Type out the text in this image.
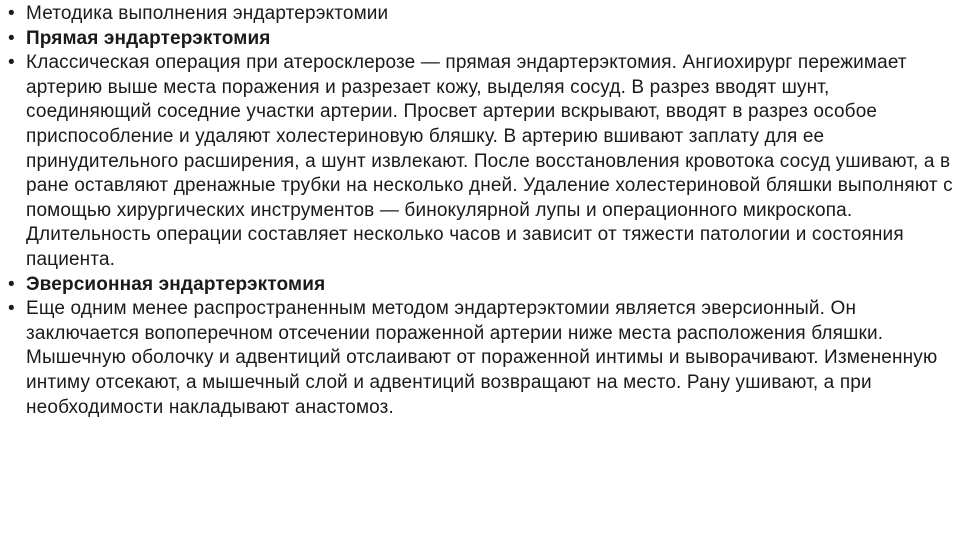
• Методика выполнения эндартерэктомии
• Прямая эндартерэктомия
• Классическая операция при атеросклерозе — прямая эндартерэктомия. Ангиохирург пережимает артерию выше места поражения и разрезает кожу, выделяя сосуд. В разрез вводят шунт, соединяющий соседние участки артерии. Просвет артерии вскрывают, вводят в разрез особое приспособление и удаляют холестериновую бляшку. В артерию вшивают заплату для ее принудительного расширения, а шунт извлекают. После восстановления кровотока сосуд ушивают, а в ране оставляют дренажные трубки на несколько дней. Удаление холестериновой бляшки выполняют с помощью хирургических инструментов — бинокулярной лупы и операционного микроскопа. Длительность операции составляет несколько часов и зависит от тяжести патологии и состояния пациента.
• Эверсионная эндартерэктомия
• Еще одним менее распространенным методом эндартерэктомии является эверсионный. Он заключается вопоперечном отсечении пораженной артерии ниже места расположения бляшки. Мышечную оболочку и адвентиций отслаивают от пораженной интимы и выворачивают. Измененную интиму отсекают, а мышечный слой и адвентиций возвращают на место. Рану ушивают, а при необходимости накладывают анастомоз.
